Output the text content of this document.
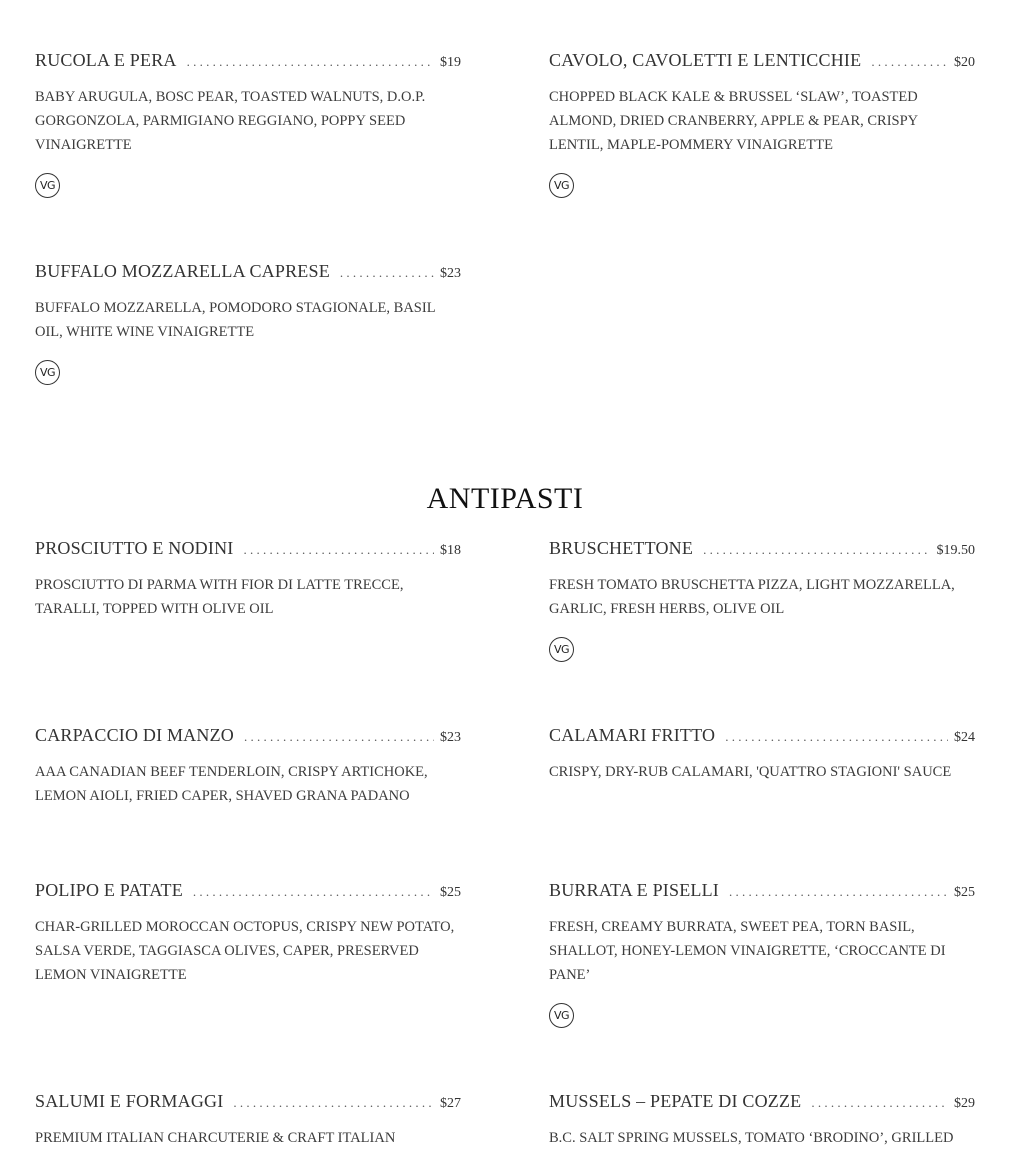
RUCOLA E PERA . . .	$19
BABY ARUGULA, BOSC PEAR, TOASTED WALNUTS, D.O.P. GORGONZOLA, PARMIGIANO REGGIANO, POPPY SEED VINAIGRETTE
VG
CAVOLO, CAVOLETTI E LENTICCHIE . . .	$20
CHOPPED BLACK KALE & BRUSSEL ‘SLAW’, TOASTED ALMOND, DRIED CRANBERRY, APPLE & PEAR, CRISPY LENTIL, MAPLE-POMMERY VINAIGRETTE
VG
BUFFALO MOZZARELLA CAPRESE . . .	$23
BUFFALO MOZZARELLA, POMODORO STAGIONALE, BASIL OIL, WHITE WINE VINAIGRETTE
VG
ANTIPASTI
PROSCIUTTO E NODINI . . .	$18
PROSCIUTTO DI PARMA WITH FIOR DI LATTE TRECCE, TARALLI, TOPPED WITH OLIVE OIL
BRUSCHETTONE . . .	$19.50
FRESH TOMATO BRUSCHETTA PIZZA, LIGHT MOZZARELLA, GARLIC, FRESH HERBS, OLIVE OIL
VG
CARPACCIO DI MANZO . . .	$23
AAA CANADIAN BEEF TENDERLOIN, CRISPY ARTICHOKE, LEMON AIOLI, FRIED CAPER, SHAVED GRANA PADANO
CALAMARI FRITTO . . .	$24
CRISPY, DRY-RUB CALAMARI, 'QUATTRO STAGIONI' SAUCE
POLIPO E PATATE . . .	$25
CHAR-GRILLED MOROCCAN OCTOPUS, CRISPY NEW POTATO, SALSA VERDE, TAGGIASCA OLIVES, CAPER, PRESERVED LEMON VINAIGRETTE
BURRATA E PISELLI . . .	$25
FRESH, CREAMY BURRATA, SWEET PEA, TORN BASIL, SHALLOT, HONEY-LEMON VINAIGRETTE, ‘CROCCANTE DI PANE’
VG
SALUMI E FORMAGGI . . .	$27
PREMIUM ITALIAN CHARCUTERIE & CRAFT ITALIAN
MUSSELS – PEPATE DI COZZE . . .	$29
B.C. SALT SPRING MUSSELS, TOMATO ‘BRODINO’, GRILLED
